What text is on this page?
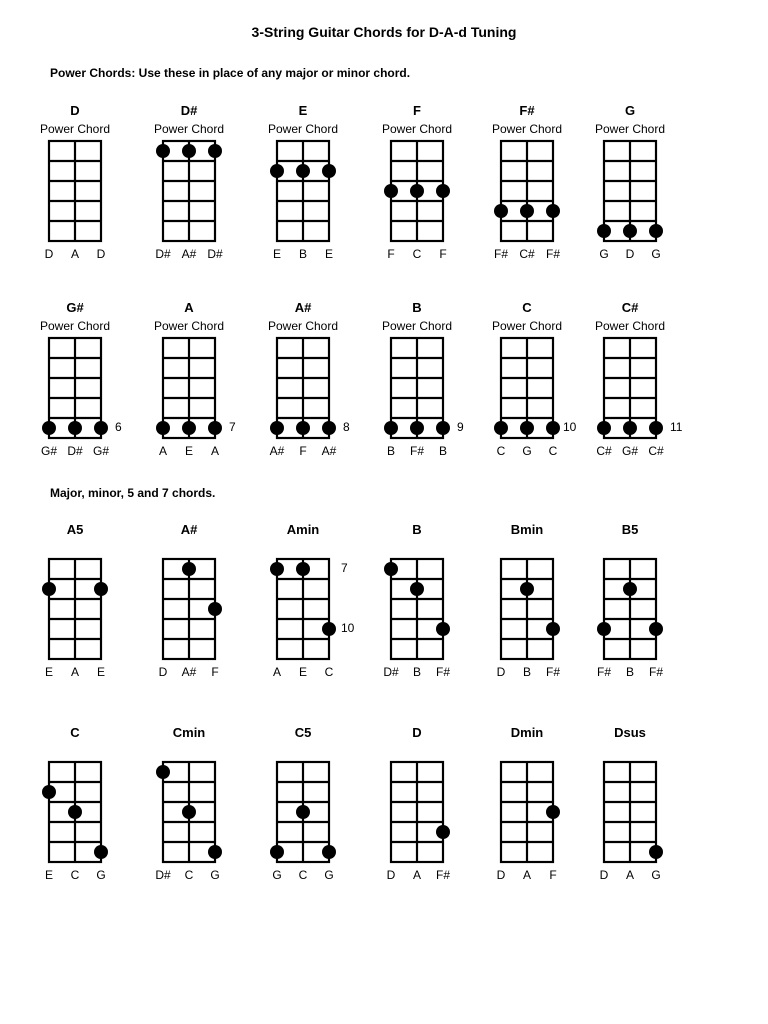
3-String Guitar Chords for D-A-d Tuning
Power Chords: Use these in place of any major or minor chord.
D
Power Chord
D	A	D
D#
Power Chord
D# A# D#
E
Power Chord
E	B	E
F
Power Chord
F	C	F
F#
Power Chord
F# C# F#
G
Power Chord
G	D	G
G#
Power Chord
6
G# D# G#
A
Power Chord
7
A	E	A
A#
Power Chord
8
A#	F	A#
B
Power Chord
9
B	F#	B
C
Power Chord
10
C	G	C
C#
Power Chord
11
C# G# C#
Major, minor, 5 and 7 chords.
A5
E	A	E
A#
D	A#	F
Amin
7
10
A	E	C
B
D#	B	F#
Bmin
D	B	F#
B5
F#	B	F#
C
E	C	G
Cmin
D#	C	G
C5
G	C	G
D
D	A	F#
Dmin
D	A	F
Dsus
D	A	G
